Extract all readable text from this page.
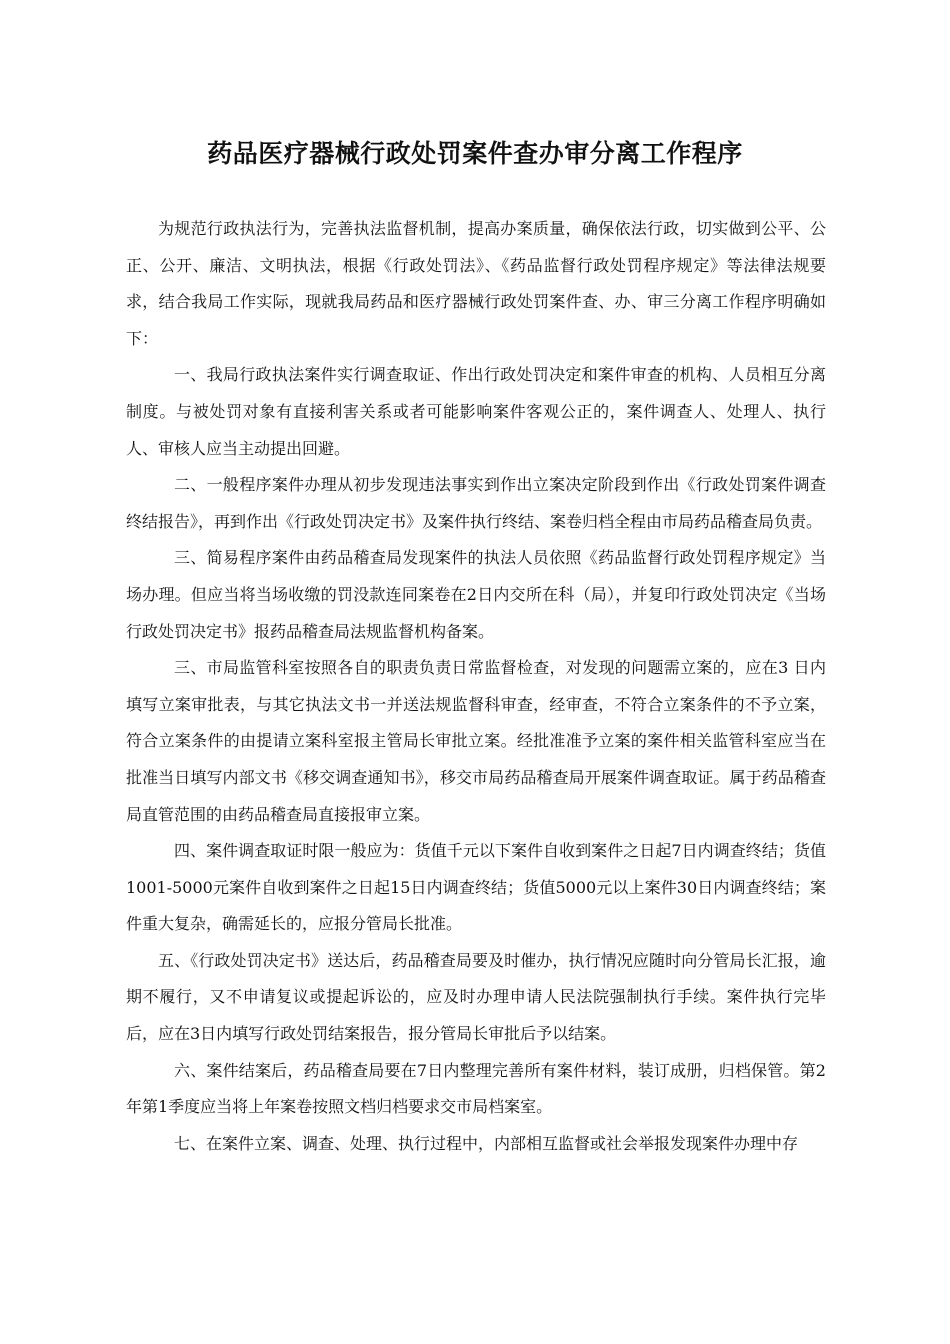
药品医疗器械行政处罚案件查办审分离工作程序

为规范行政执法行为，完善执法监督机制，提高办案质量，确保依法行政，切实做到公平、公正、公开、廉洁、文明执法，根据《行政处罚法》、《药品监督行政处罚程序规定》等法律法规要求，结合我局工作实际，现就我局药品和医疗器械行政处罚案件查、办、审三分离工作程序明确如下：

一、我局行政执法案件实行调查取证、作出行政处罚决定和案件审查的机构、人员相互分离制度。与被处罚对象有直接利害关系或者可能影响案件客观公正的，案件调查人、处理人、执行人、审核人应当主动提出回避。

二、一般程序案件办理从初步发现违法事实到作出立案决定阶段到作出《行政处罚案件调查终结报告》，再到作出《行政处罚决定书》及案件执行终结、案卷归档全程由市局药品稽查局负责。

三、简易程序案件由药品稽查局发现案件的执法人员依照《药品监督行政处罚程序规定》当场办理。但应当将当场收缴的罚没款连同案卷在2日内交所在科（局），并复印行政处罚决定《当场行政处罚决定书》报药品稽查局法规监督机构备案。

三、市局监管科室按照各自的职责负责日常监督检查，对发现的问题需立案的，应在3 日内填写立案审批表，与其它执法文书一并送法规监督科审查，经审查，不符合立案条件的不予立案，符合立案条件的由提请立案科室报主管局长审批立案。经批准准予立案的案件相关监管科室应当在批准当日填写内部文书《移交调查通知书》，移交市局药品稽查局开展案件调查取证。属于药品稽查局直管范围的由药品稽查局直接报审立案。

四、案件调查取证时限一般应为：货值千元以下案件自收到案件之日起7日内调查终结；货值1001-5000元案件自收到案件之日起15日内调查终结；货值5000元以上案件30日内调查终结；案件重大复杂，确需延长的，应报分管局长批准。

五、《行政处罚决定书》送达后，药品稽查局要及时催办，执行情况应随时向分管局长汇报，逾期不履行，又不申请复议或提起诉讼的，应及时办理申请人民法院强制执行手续。案件执行完毕后，应在3日内填写行政处罚结案报告，报分管局长审批后予以结案。

六、案件结案后，药品稽查局要在7日内整理完善所有案件材料，装订成册，归档保管。第2年第1季度应当将上年案卷按照文档归档要求交市局档案室。

七、在案件立案、调查、处理、执行过程中，内部相互监督或社会举报发现案件办理中存
